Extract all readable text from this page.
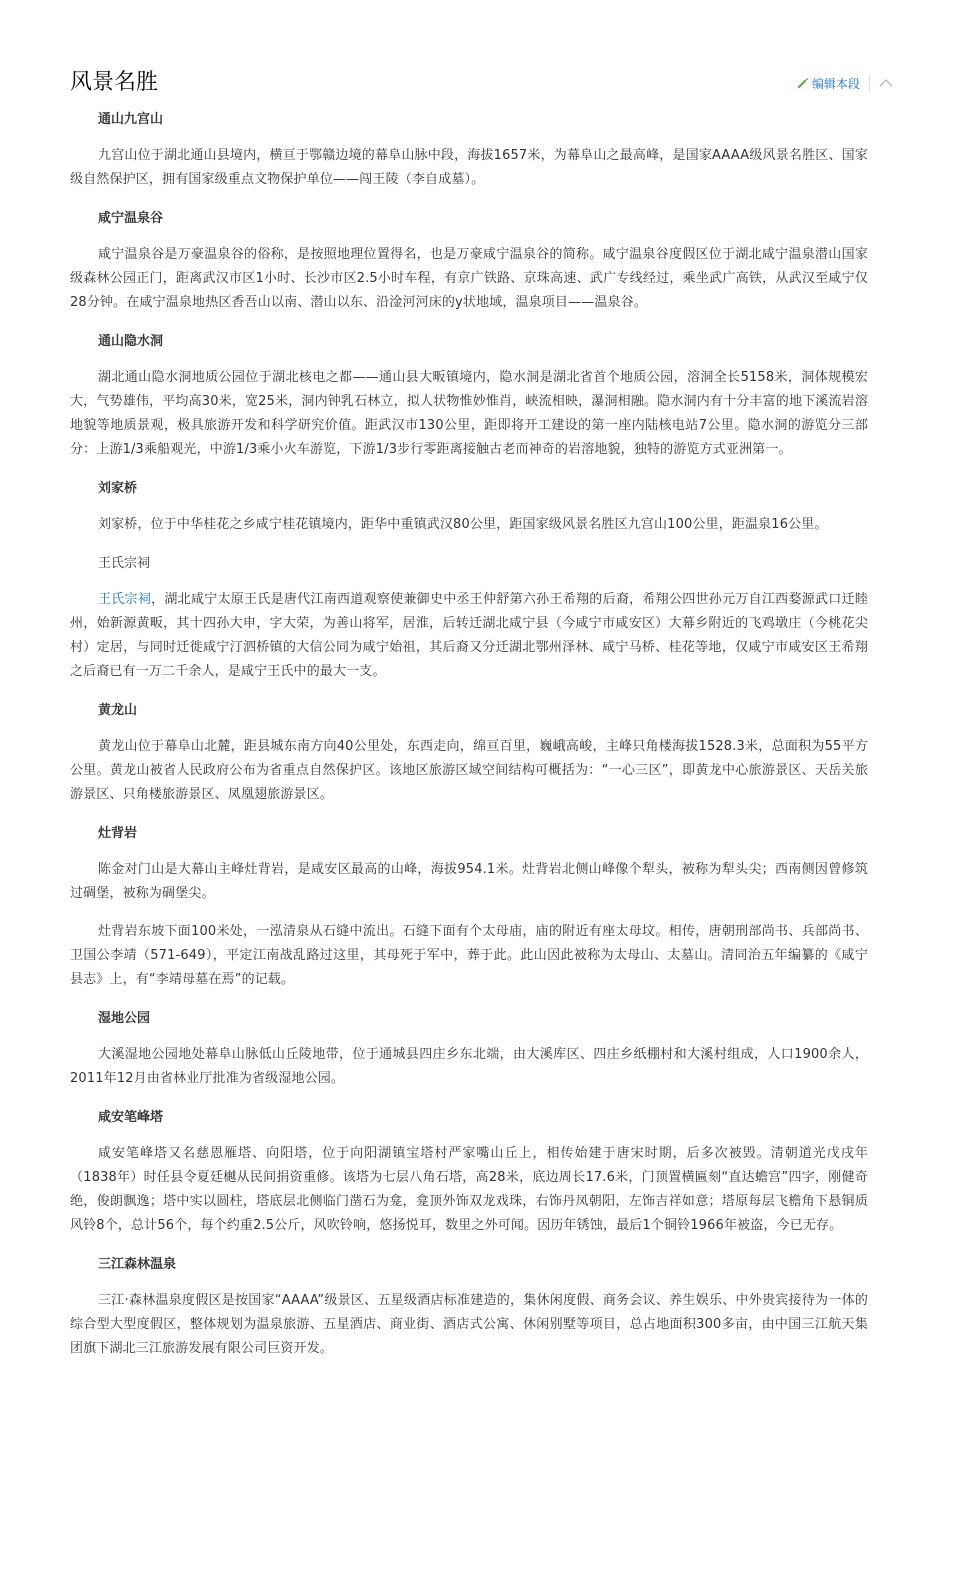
风景名胜	编辑本段
通山九宫山

九宫山位于湖北通山县境内，横亘于鄂赣边境的幕阜山脉中段，海拔1657米，为幕阜山之最高峰，是国家AAAA级风景名胜区、国家级自然保护区，拥有国家级重点文物保护单位——闯王陵（李自成墓）。

咸宁温泉谷

咸宁温泉谷是万豪温泉谷的俗称，是按照地理位置得名，也是万豪咸宁温泉谷的简称。咸宁温泉谷度假区位于湖北咸宁温泉潜山国家级森林公园正门，距离武汉市区1小时、长沙市区2.5小时车程，有京广铁路、京珠高速、武广专线经过，乘坐武广高铁，从武汉至咸宁仅28分钟。在咸宁温泉地热区香吾山以南、潜山以东、沿淦河河床的y状地域，温泉项目——温泉谷。

通山隐水洞

湖北通山隐水洞地质公园位于湖北核电之都——通山县大畈镇境内，隐水洞是湖北省首个地质公园，溶洞全长5158米，洞体规模宏大，气势雄伟，平均高30米，宽25米，洞内钟乳石林立，拟人状物惟妙惟肖，峡流相映，瀑洞相融。隐水洞内有十分丰富的地下溪流岩溶地貌等地质景观，极具旅游开发和科学研究价值。距武汉市130公里，距即将开工建设的第一座内陆核电站7公里。隐水洞的游览分三部分：上游1/3乘船观光，中游1/3乘小火车游览，下游1/3步行零距离接触古老而神奇的岩溶地貌，独特的游览方式亚洲第一。

刘家桥

刘家桥，位于中华桂花之乡咸宁桂花镇境内，距华中重镇武汉80公里，距国家级风景名胜区九宫山100公里，距温泉16公里。

王氏宗祠

王氏宗祠，湖北咸宁太原王氏是唐代江南西道观察使兼御史中丞王仲舒第六孙王希翔的后裔，希翔公四世孙元万自江西婺源武口迁睦州，始新源黄畈，其十四孙大申，字大荣，为善山将军，居淮，后转迁湖北咸宁县（今咸宁市咸安区）大幕乡附近的飞鸡墩庄（今桃花尖村）定居，与同时迁徙咸宁汀泗桥镇的大信公同为咸宁始祖，其后裔又分迁湖北鄂州泽林、咸宁马桥、桂花等地，仅咸宁市咸安区王希翔之后裔已有一万二千余人，是咸宁王氏中的最大一支。

黄龙山

黄龙山位于幕阜山北麓，距县城东南方向40公里处，东西走向，绵亘百里，巍峨高峻，主峰只角楼海拔1528.3米，总面积为55平方公里。黄龙山被省人民政府公布为省重点自然保护区。该地区旅游区域空间结构可概括为：“一心三区”，即黄龙中心旅游景区、天岳关旅游景区、只角楼旅游景区、凤凰翅旅游景区。

灶背岩

陈金对门山是大幕山主峰灶背岩，是咸安区最高的山峰，海拔954.1米。灶背岩北侧山峰像个犁头，被称为犁头尖；西南侧因曾修筑过碉堡，被称为碉堡尖。

灶背岩东坡下面100米处，一泓清泉从石缝中流出。石缝下面有个太母庙，庙的附近有座太母坟。相传，唐朝刑部尚书、兵部尚书、卫国公李靖（571-649），平定江南战乱路过这里，其母死于军中，葬于此。此山因此被称为太母山、太墓山。清同治五年编纂的《咸宁县志》上，有“李靖母墓在焉”的记载。

湿地公园

大溪湿地公园地处幕阜山脉低山丘陵地带，位于通城县四庄乡东北端，由大溪库区、四庄乡纸棚村和大溪村组成，人口1900余人，2011年12月由省林业厅批准为省级湿地公园。

咸安笔峰塔

咸安笔峰塔又名慈恩雁塔、向阳塔，位于向阳湖镇宝塔村严家嘴山丘上，相传始建于唐宋时期，后多次被毁。清朝道光戊戌年（1838年）时任县令夏廷樾从民间捐资重修。该塔为七层八角石塔，高28米，底边周长17.6米，门顶置横匾刻“直达蟾宫”四字，刚健奇绝，俊朗飘逸；塔中实以圆柱，塔底层北侧临门凿石为龛，龛顶外饰双龙戏珠，右饰丹凤朝阳，左饰吉祥如意；塔原每层飞檐角下悬铜质风铃8个，总计56个，每个约重2.5公斤，风吹铃响，悠扬悦耳，数里之外可闻。因历年锈蚀，最后1个铜铃1966年被盗，今已无存。

三江森林温泉

三江·森林温泉度假区是按国家“AAAA”级景区、五星级酒店标准建造的，集休闲度假、商务会议、养生娱乐、中外贵宾接待为一体的综合型大型度假区，整体规划为温泉旅游、五星酒店、商业街、酒店式公寓、休闲别墅等项目，总占地面积300多亩，由中国三江航天集团旗下湖北三江旅游发展有限公司巨资开发。
